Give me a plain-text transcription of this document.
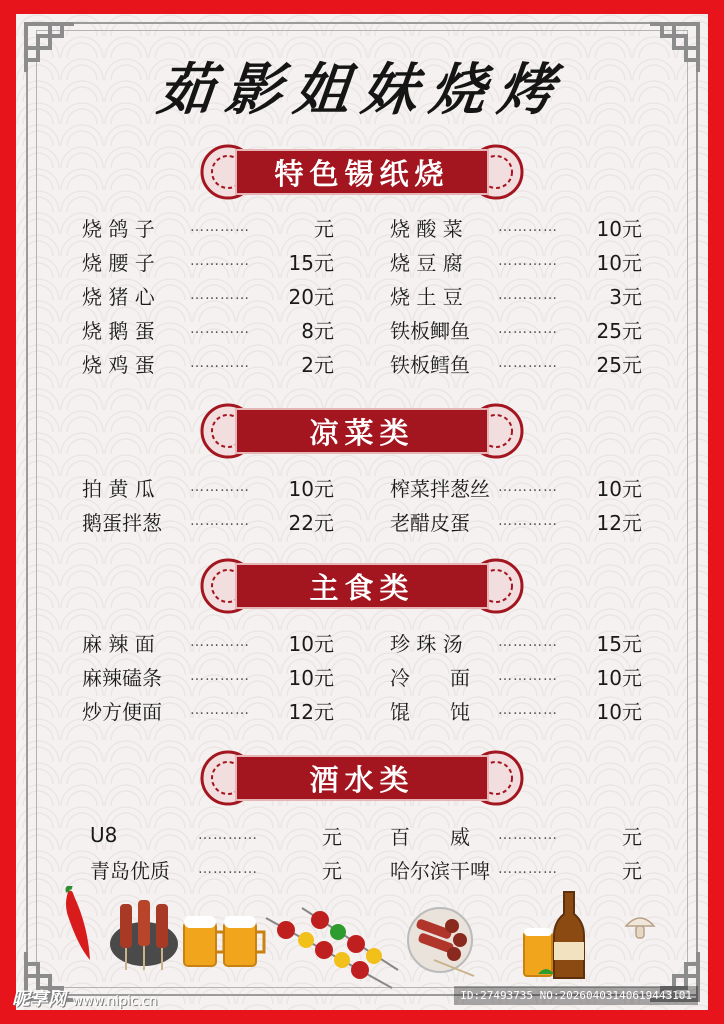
茹影姐妹烧烤
特色锡纸烧
凉菜类
主食类
酒水类
烧 鸽 子	…………	元
烧 腰 子	…………	15元
烧 猪 心	…………	20元
烧 鹅 蛋	…………	8元
烧 鸡 蛋	…………	2元
烧 酸 菜	…………	10元
烧 豆 腐	…………	10元
烧 土 豆	…………	3元
铁板鲫鱼	…………	25元
铁板鳕鱼	…………	25元
拍 黄 瓜	…………	10元
鹅蛋拌葱	…………	22元
榨菜拌葱丝 …………	10元
老醋皮蛋	…………	12元
麻 辣 面	…………	10元
麻辣磕条	…………	10元
炒方便面	…………	12元
珍 珠 汤	…………	15元
冷　　面	…………	10元
馄　　饨	…………	10元
U8	…………	元
青岛优质	…………	元
百　　威	…………	元
哈尔滨干啤 …………	元
昵享网 www.nipic.cn	ID:27493735 NO:20260403140619443101
